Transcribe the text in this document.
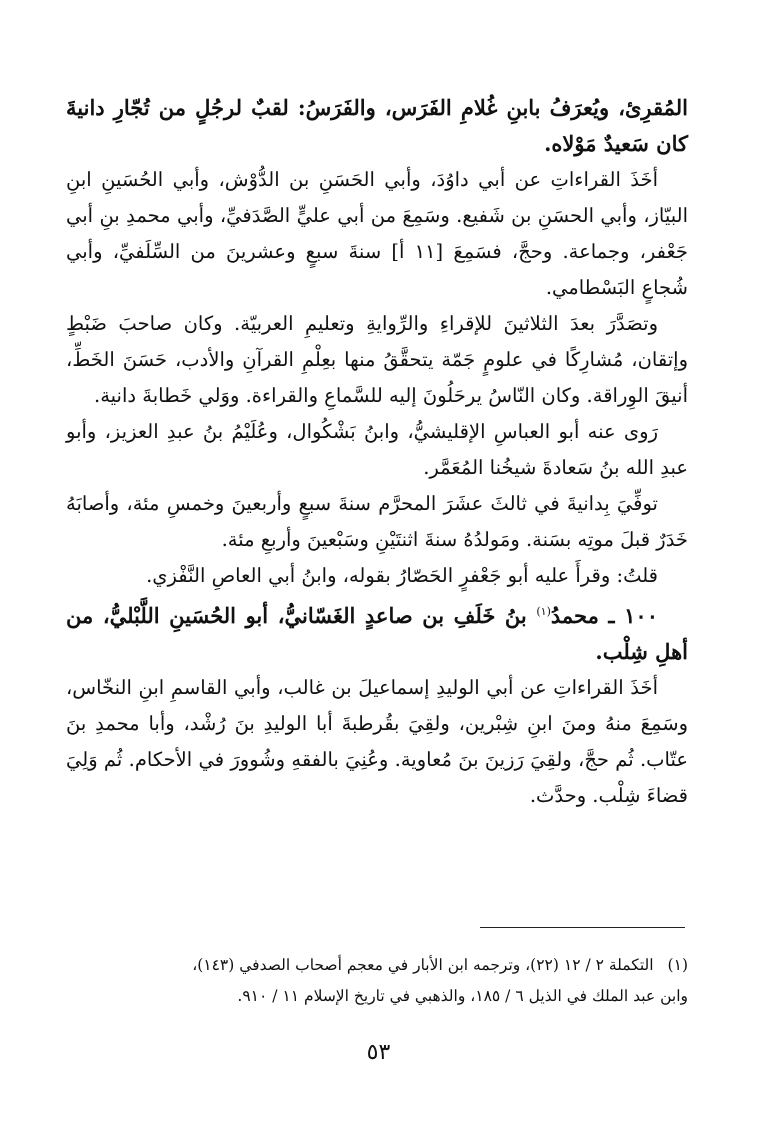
المُقرِئ، ويُعرَفُ بابنِ غُلامِ الفَرَس، والفَرَسُ: لقبٌ لرجُلٍ من تُجّارِ دانيةَ كان سَعيدٌ مَوْلاه.

أخَذَ القراءاتِ عن أبي داوُدَ، وأبي الحَسَنِ بن الدُّوْش، وأبي الحُسَينِ ابنِ البيّاز، وأبي الحسَنِ بن شَفيع. وسَمِعَ من أبي عليٍّ الصَّدَفيِّ، وأبي محمدِ بنِ أبي جَعْفر، وجماعة. وحجَّ، فسَمِعَ [١١ أ] سنةَ سبعٍ وعشرينَ من السِّلَفيِّ، وأبي شُجاعٍ البَسْطامي.

وتصَدَّرَ بعدَ الثلاثينَ للإقراءِ والرِّوايةِ وتعليمِ العربيّة. وكان صاحبَ ضَبْطٍ وإتقان، مُشارِكًا في علومٍ جَمّة يتحقَّقُ منها بعِلْمِ القرآنِ والأدب، حَسَنَ الخَطِّ، أنيقَ الوِراقة. وكان النّاسُ يرحَلُونَ إليه للسَّماعِ والقراءة. ووَلي خَطابةَ دانية.

رَوى عنه أبو العباسِ الإقليشيُّ، وابنُ بَشْكُوال، وعُلَيْمُ بنُ عبدِ العزيز، وأبو عبدِ الله بنُ سَعادةَ شيخُنا المُعَمَّر.

توفِّيَ بِدانيةَ في ثالثَ عشَرَ المحرَّم سنةَ سبعٍ وأربعينَ وخمسِ مئة، وأصابَهُ خَدَرٌ قبلَ موتِه بسَنة. ومَولدُهُ سنةَ اثنتَيْنِ وسَبْعينَ وأربعِ مئة.

قلتُ: وقرأَ عليه أبو جَعْفرٍ الحَصّارُ بقوله، وابنُ أبي العاصِ النَّفْزي.

١٠٠ ـ محمدُ$^{(١)}$ بنُ خَلَفِ بن صاعدٍ الغَسّانيُّ، أبو الحُسَينِ اللَّبْليُّ، من أهلِ شِلْب.

أخَذَ القراءاتِ عن أبي الوليدِ إسماعيلَ بن غالب، وأبي القاسمِ ابنِ النخّاس، وسَمِعَ منهُ ومنَ ابنِ شِبْرين، ولقِيَ بقُرطبةَ أبا الوليدِ بنَ رُشْد، وأبا محمدِ بنَ عتّاب. ثُم حجَّ، ولقِيَ رَزينَ بنَ مُعاوية. وعُنِيَ بالفقهِ وشُوورَ في الأحكام. ثُم وَلِيَ قضاءَ شِلْب. وحدَّث.

(١)التكملة ٢ / ١٢ (٢٢)، وترجمه ابن الأبار في معجم أصحاب الصدفي (١٤٣)،

وابن عبد الملك في الذيل ٦ / ١٨٥، والذهبي في تاريخ الإسلام ١١ / ٩١٠.

٥٣
